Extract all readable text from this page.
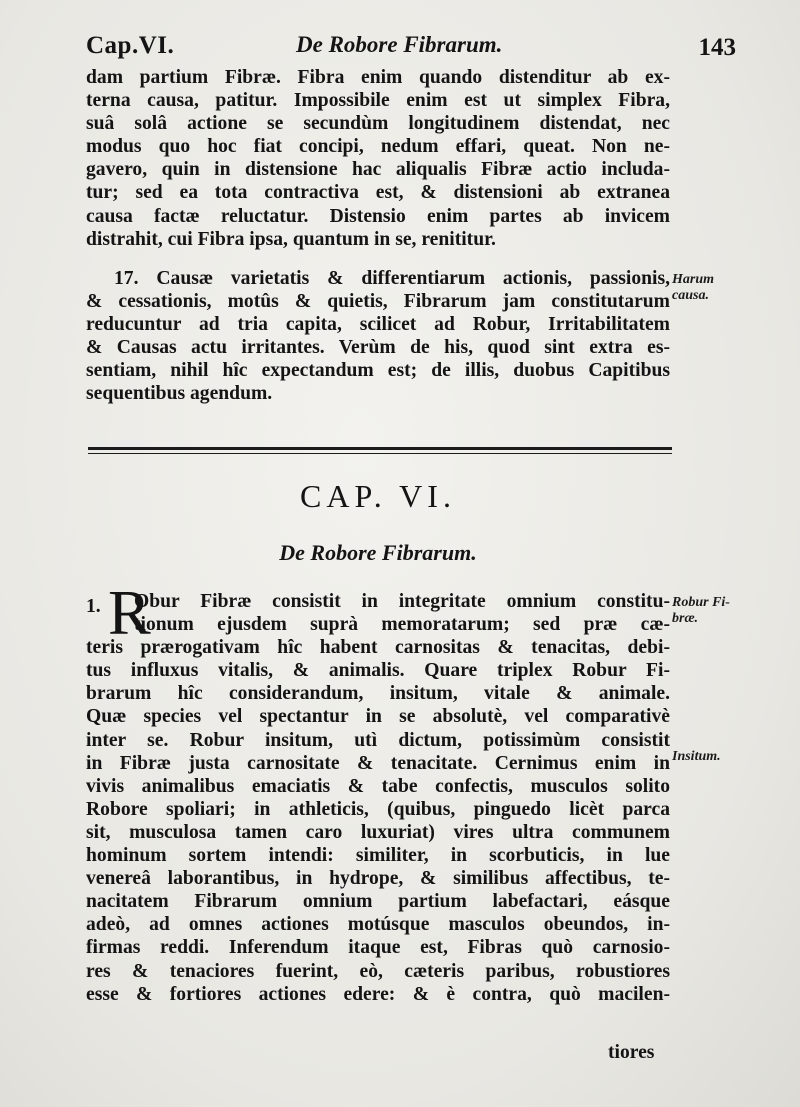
Cap.VI.	De Robore Fibrarum.	143
dam partium Fibræ. Fibra enim quando distenditur ab ex-
terna causa, patitur. Impossibile enim est ut simplex Fibra,
suâ solâ actione se secundùm longitudinem distendat, nec
modus quo hoc fiat concipi, nedum effari, queat. Non ne-
gavero, quin in distensione hac aliqualis Fibræ actio includa-
tur; sed ea tota contractiva est, & distensioni ab extranea
causa factæ reluctatur. Distensio enim partes ab invicem
distrahit, cui Fibra ipsa, quantum in se, renititur.
17. Causæ varietatis & differentiarum actionis, passionis,
& cessationis, motûs & quietis, Fibrarum jam constitutarum
reducuntur ad tria capita, scilicet ad Robur, Irritabilitatem
& Causas actu irritantes. Verùm de his, quod sint extra es-
sentiam, nihil hîc expectandum est; de illis, duobus Capitibus
sequentibus agendum.
Harum
causa.
CAP. VI.
De Robore Fibrarum.
1. R
Obur Fibræ consistit in integritate omnium constitu-
tionum ejusdem suprà memoratarum; sed præ cæ-
teris prærogativam hîc habent carnositas & tenacitas, debi-
tus influxus vitalis, & animalis. Quare triplex Robur Fi-
brarum hîc considerandum, insitum, vitale & animale.
Quæ species vel spectantur in se absolutè, vel comparativè
inter se. Robur insitum, utì dictum, potissimùm consistit
in Fibræ justa carnositate & tenacitate. Cernimus enim in
vivis animalibus emaciatis & tabe confectis, musculos solito
Robore spoliari; in athleticis, (quibus, pinguedo licèt parca
sit, musculosa tamen caro luxuriat) vires ultra communem
hominum sortem intendi: similiter, in scorbuticis, in lue
venereâ laborantibus, in hydrope, & similibus affectibus, te-
nacitatem Fibrarum omnium partium labefactari, eásque
adeò, ad omnes actiones motúsque masculos obeundos, in-
firmas reddi. Inferendum itaque est, Fibras quò carnosio-
res & tenaciores fuerint, eò, cæteris paribus, robustiores
esse & fortiores actiones edere: & è contra, quò macilen-
Robur Fi-
bræ.
Insitum.
tiores
